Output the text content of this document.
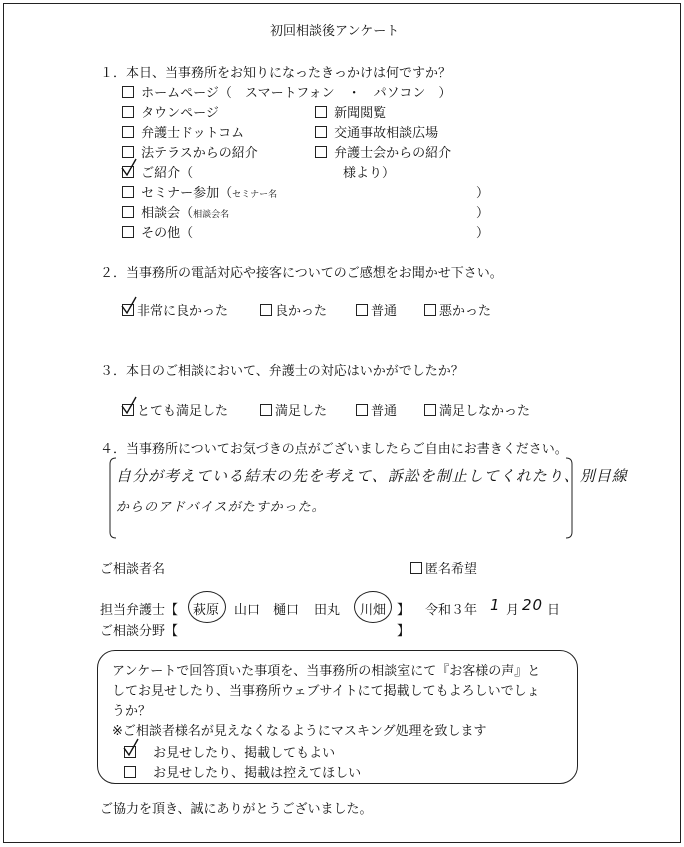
初回相談後アンケート
１．本日、当事務所をお知りになったきっかけは何ですか？
ホームページ（　スマートフォン　・　パソコン　）
タウンページ	新聞閲覧
弁護士ドットコム	交通事故相談広場
法テラスからの紹介	弁護士会からの紹介
ご紹介（	様より）
セミナー参加（セミナー名	）
相談会（相談会名	）
その他（	）
２．当事務所の電話対応や接客についてのご感想をお聞かせ下さい。
非常に良かった	良かった	普通	悪かった
３．本日のご相談において、弁護士の対応はいかがでしたか？
とても満足した	満足した	普通	満足しなかった
４．当事務所についてお気づきの点がございましたらご自由にお書きください。
自分が考えている結末の先を考えて、訴訟を制止してくれたり、別目線
からのアドバイスがたすかった。
ご相談者名	匿名希望
担当弁護士【 萩原 山口 樋口 田丸 川畑 】 令和３年 1 月 20 日
ご相談分野【	】
アンケートで回答頂いた事項を、当事務所の相談室にて『お客様の声』と
してお見せしたり、当事務所ウェブサイトにて掲載してもよろしいでしょ
うか？
※ご相談者様名が見えなくなるようにマスキング処理を致します
お見せしたり、掲載してもよい
お見せしたり、掲載は控えてほしい
ご協力を頂き、誠にありがとうございました。
